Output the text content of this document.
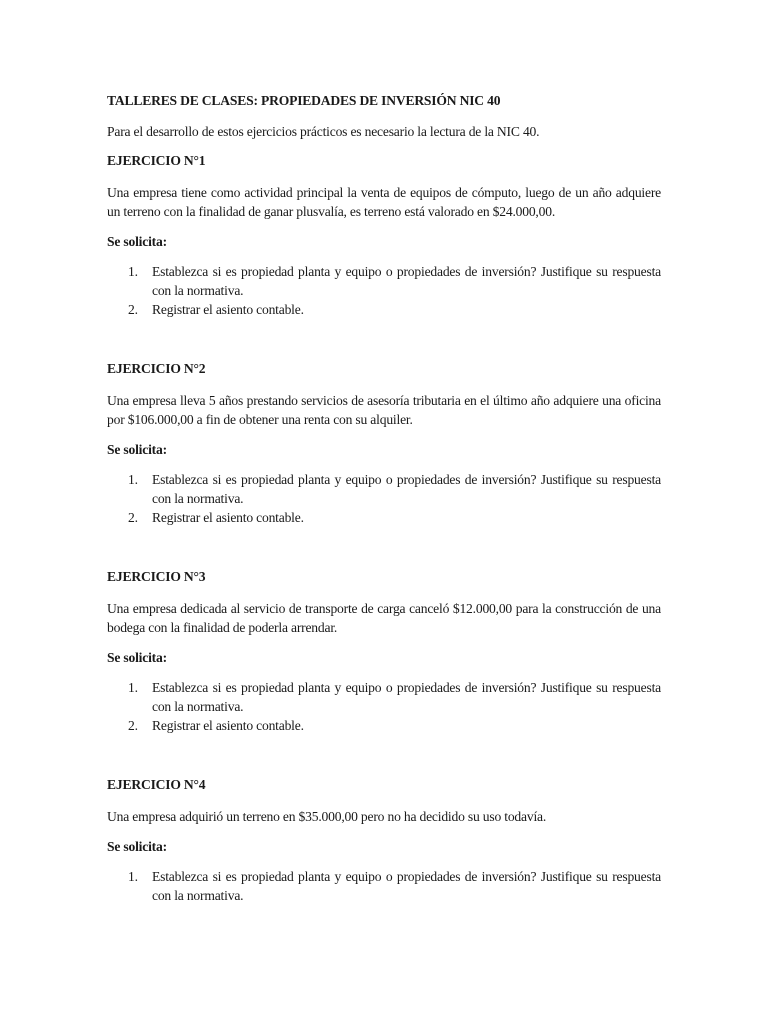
TALLERES DE CLASES: PROPIEDADES DE INVERSIÓN NIC 40
Para el desarrollo de estos ejercicios prácticos es necesario la lectura de la NIC 40.
EJERCICIO N°1
Una empresa tiene como actividad principal la venta de equipos de cómputo, luego de un año adquiere un terreno con la finalidad de ganar plusvalía, es terreno está valorado en $24.000,00.
Se solicita:
1. Establezca si es propiedad planta y equipo o propiedades de inversión? Justifique su respuesta con la normativa.
2. Registrar el asiento contable.
EJERCICIO N°2
Una empresa lleva 5 años prestando servicios de asesoría tributaria en el último año adquiere una oficina por $106.000,00 a fin de obtener una renta con su alquiler.
Se solicita:
1. Establezca si es propiedad planta y equipo o propiedades de inversión? Justifique su respuesta con la normativa.
2. Registrar el asiento contable.
EJERCICIO N°3
Una empresa dedicada al servicio de transporte de carga canceló $12.000,00 para la construcción de una bodega con la finalidad de poderla arrendar.
Se solicita:
1. Establezca si es propiedad planta y equipo o propiedades de inversión? Justifique su respuesta con la normativa.
2. Registrar el asiento contable.
EJERCICIO N°4
Una empresa adquirió un terreno en $35.000,00 pero no ha decidido su uso todavía.
Se solicita:
1. Establezca si es propiedad planta y equipo o propiedades de inversión? Justifique su respuesta con la normativa.
